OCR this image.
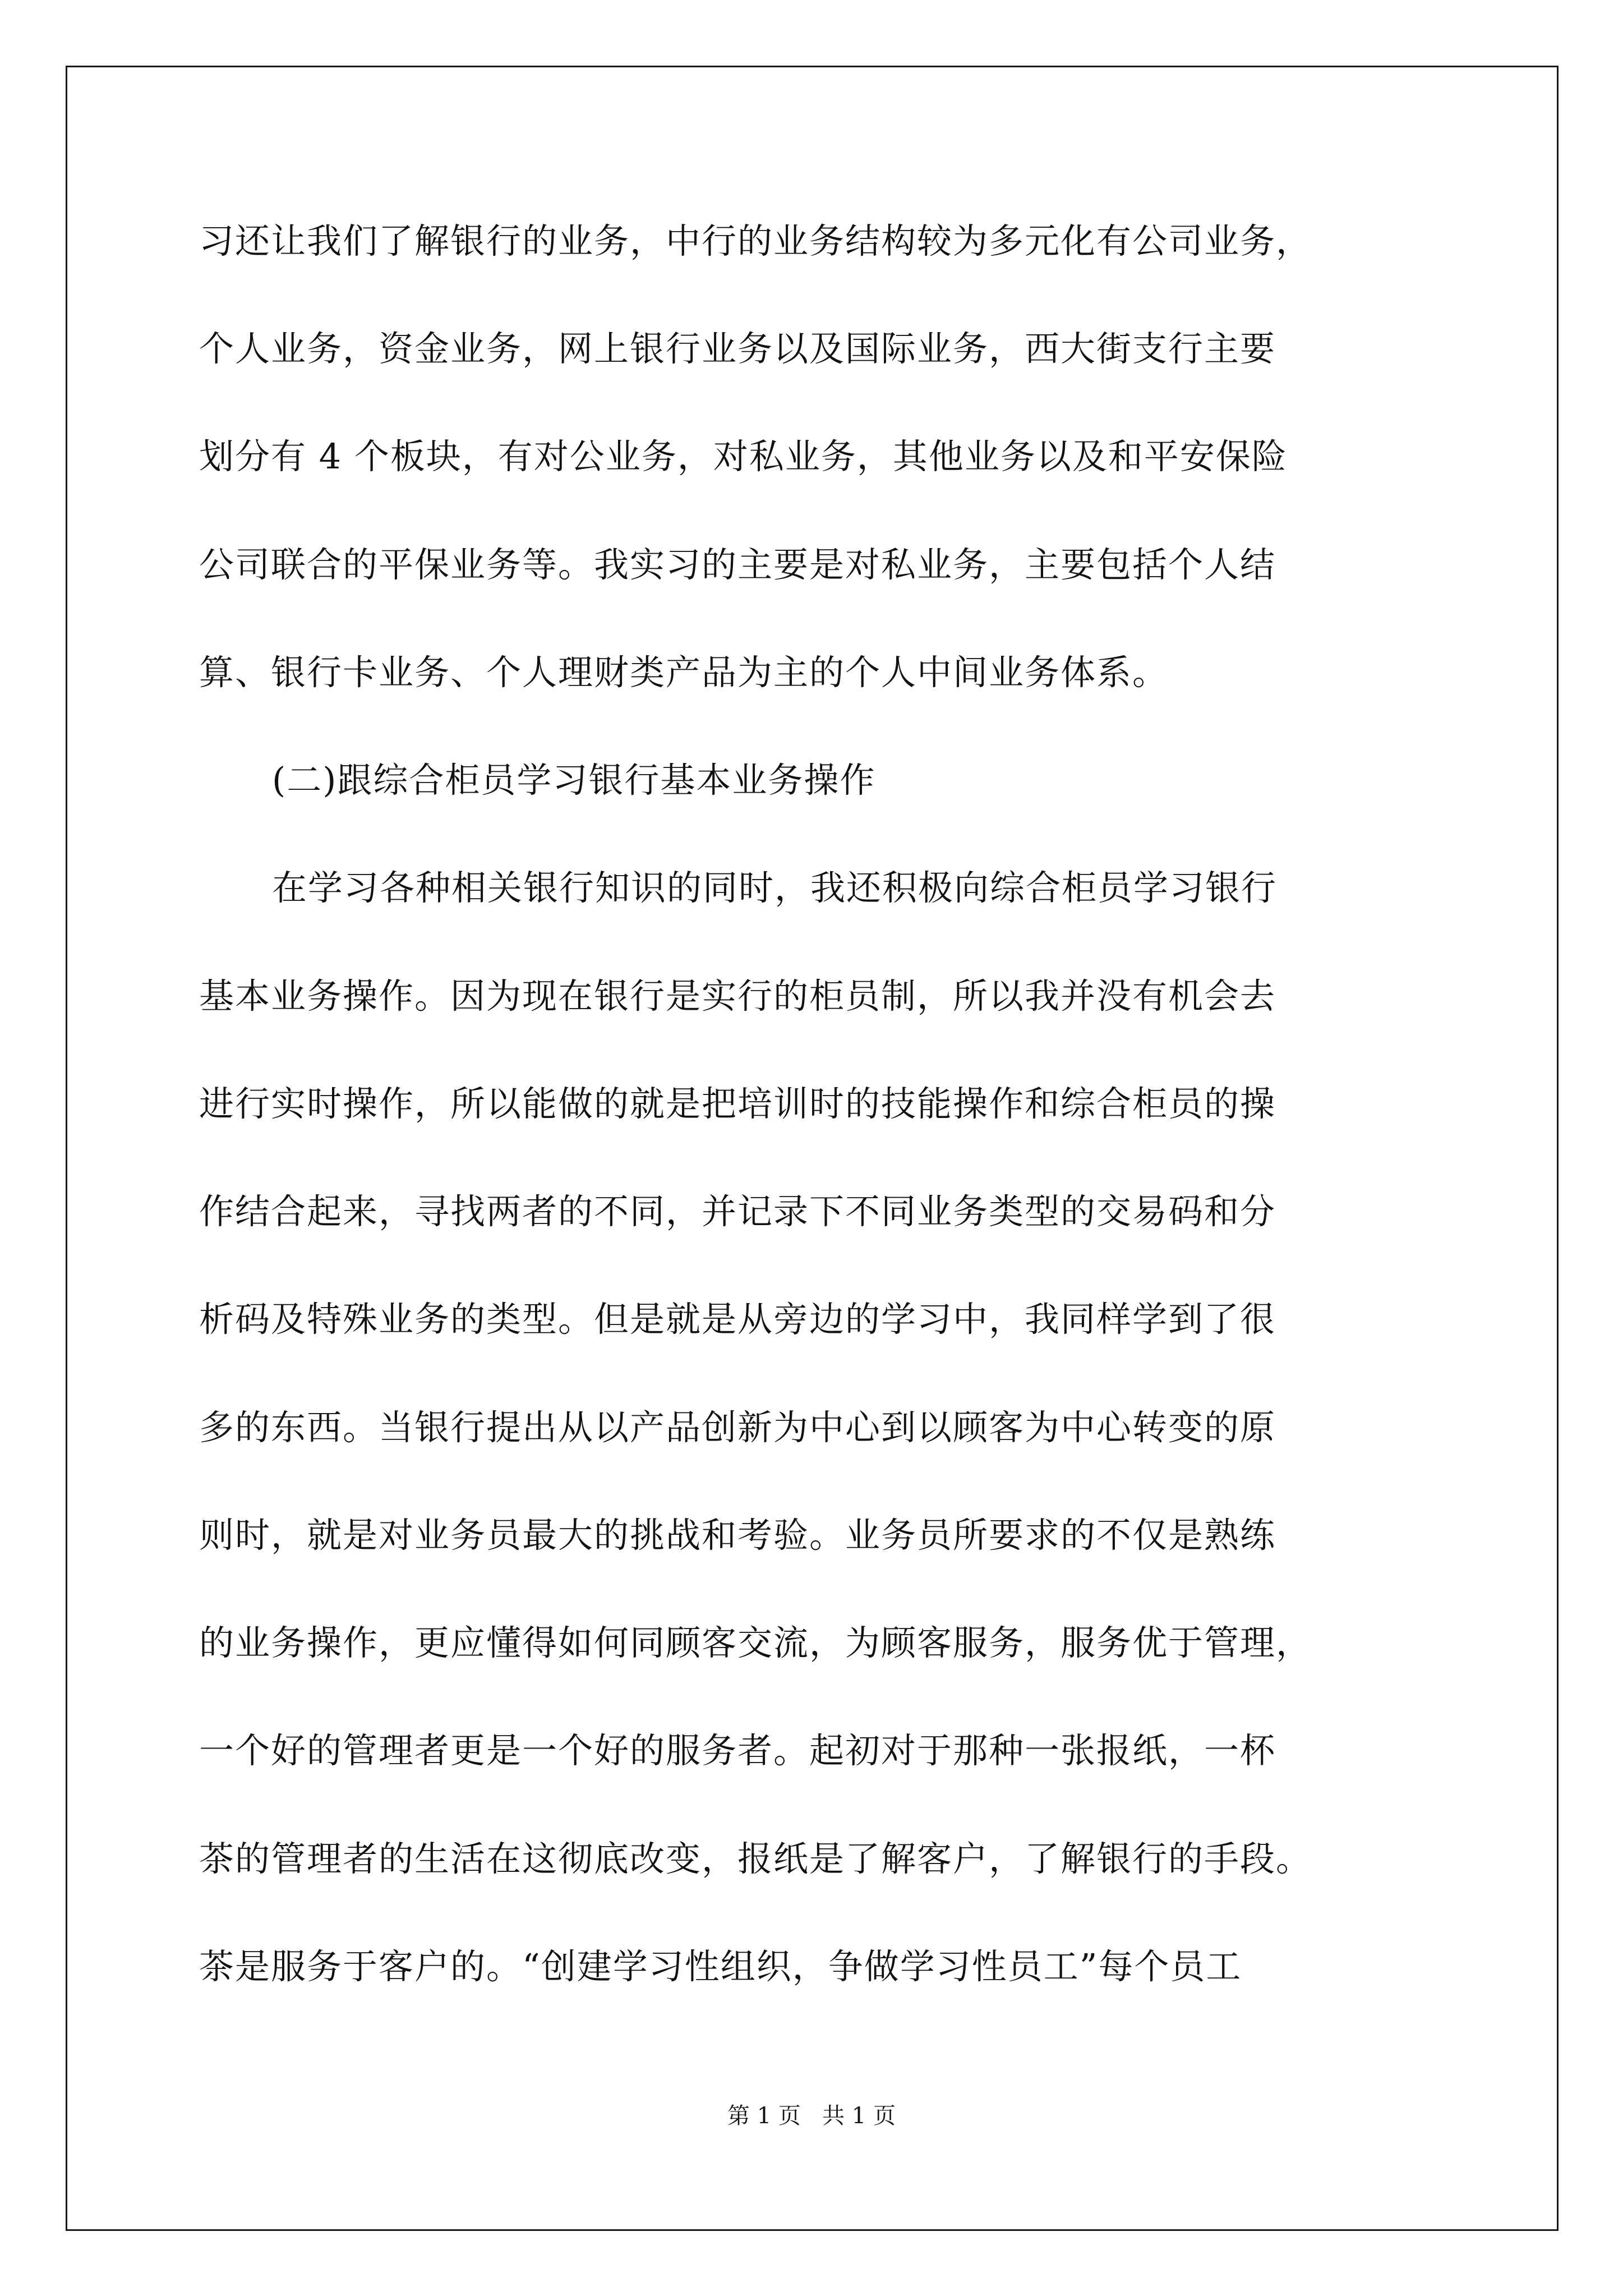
习还让我们了解银行的业务，中行的业务结构较为多元化有公司业务，
个人业务，资金业务，网上银行业务以及国际业务，西大街支行主要
划分有 4 个板块，有对公业务，对私业务，其他业务以及和平安保险
公司联合的平保业务等。我实习的主要是对私业务，主要包括个人结
算、银行卡业务、个人理财类产品为主的个人中间业务体系。
(二)跟综合柜员学习银行基本业务操作
在学习各种相关银行知识的同时，我还积极向综合柜员学习银行
基本业务操作。因为现在银行是实行的柜员制，所以我并没有机会去
进行实时操作，所以能做的就是把培训时的技能操作和综合柜员的操
作结合起来，寻找两者的不同，并记录下不同业务类型的交易码和分
析码及特殊业务的类型。但是就是从旁边的学习中，我同样学到了很
多的东西。当银行提出从以产品创新为中心到以顾客为中心转变的原
则时，就是对业务员最大的挑战和考验。业务员所要求的不仅是熟练
的业务操作，更应懂得如何同顾客交流，为顾客服务，服务优于管理，
一个好的管理者更是一个好的服务者。起初对于那种一张报纸，一杯
茶的管理者的生活在这彻底改变，报纸是了解客户，了解银行的手段。
茶是服务于客户的。“创建学习性组织，争做学习性员工”每个员工
第 1 页   共 1 页
